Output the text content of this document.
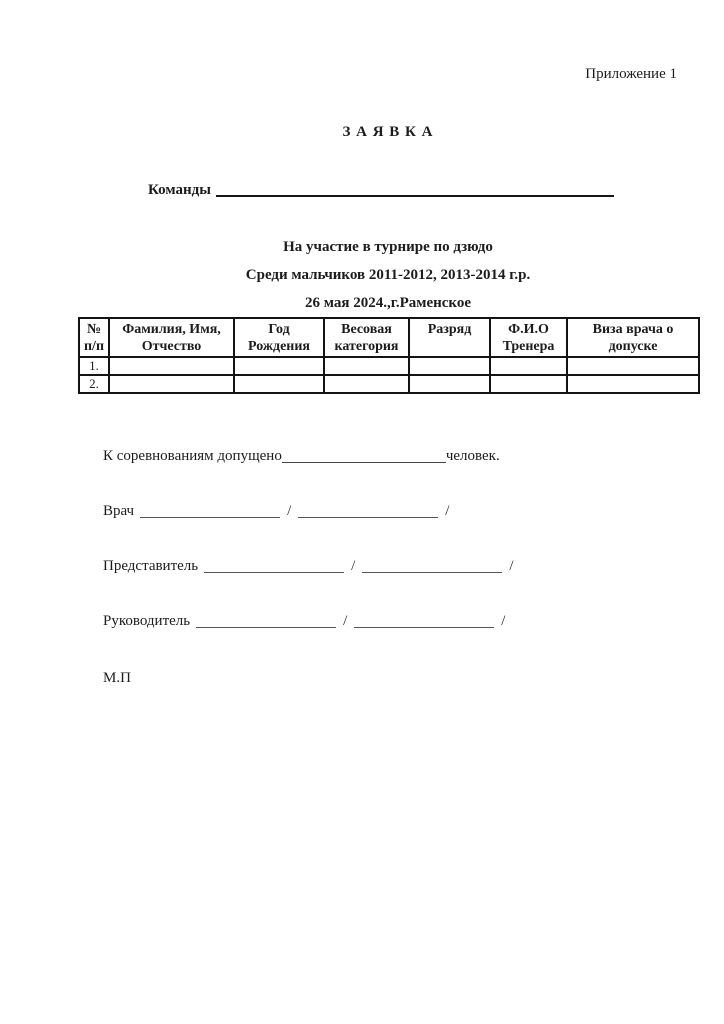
Приложение 1
З А Я В К А
Команды
На участие в турнире по дзюдо
Среди мальчиков 2011-2012, 2013-2014 г.р.
26 мая 2024.,г.Раменское
№ п/п	Фамилия, Имя, Отчество	Год Рождения	Весовая категория	Разряд	Ф.И.О Тренера	Виза врача о допуске
1.						
2.						
К соревнованиям допущено	человек.
Врач	/	/
Представитель	/	/
Руководитель	/	/
М.П
